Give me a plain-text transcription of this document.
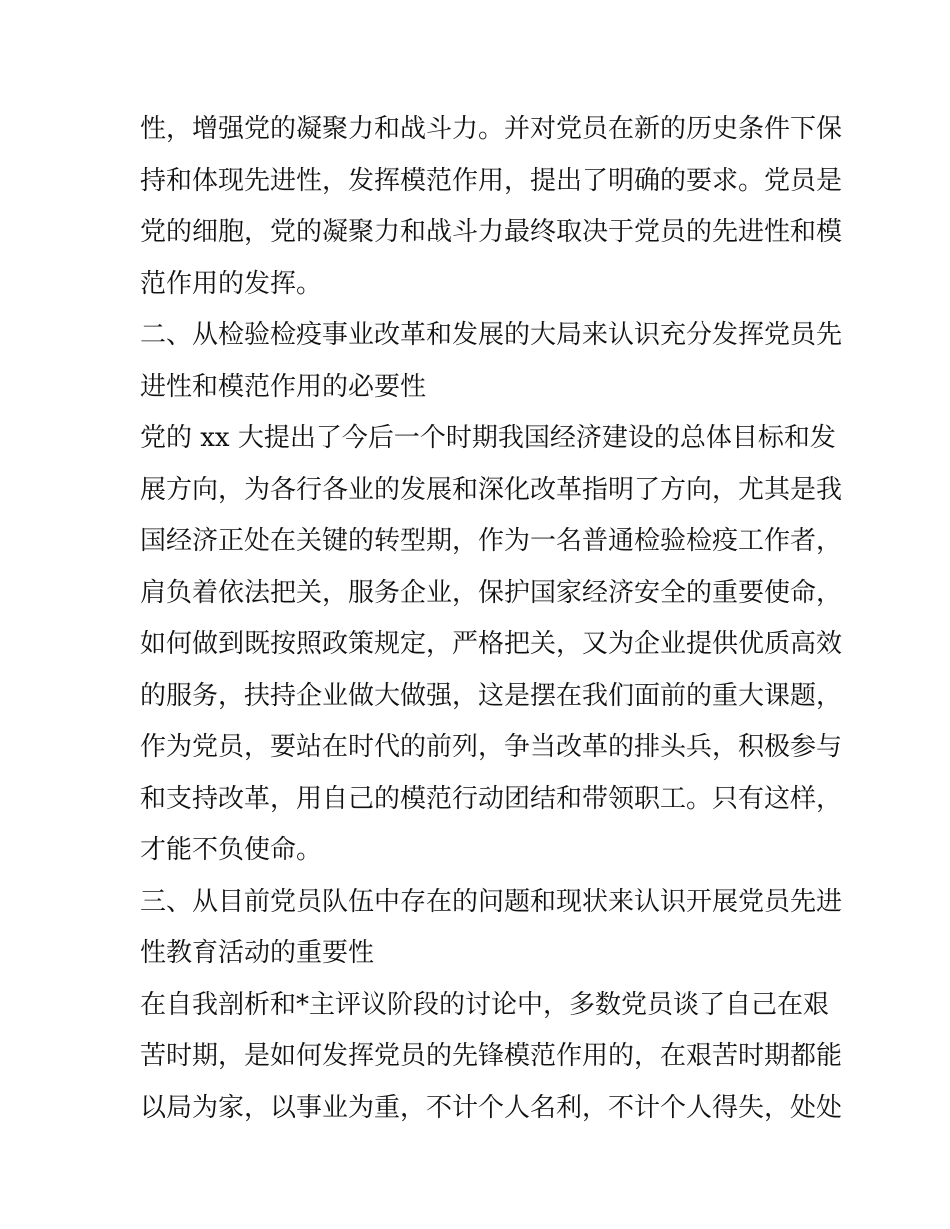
性，增强党的凝聚力和战斗力。并对党员在新的历史条件下保
持和体现先进性，发挥模范作用，提出了明确的要求。党员是
党的细胞，党的凝聚力和战斗力最终取决于党员的先进性和模
范作用的发挥。
二、从检验检疫事业改革和发展的大局来认识充分发挥党员先
进性和模范作用的必要性
党的 xx 大提出了今后一个时期我国经济建设的总体目标和发
展方向，为各行各业的发展和深化改革指明了方向，尤其是我
国经济正处在关键的转型期，作为一名普通检验检疫工作者，
肩负着依法把关，服务企业，保护国家经济安全的重要使命，
如何做到既按照政策规定，严格把关，又为企业提供优质高效
的服务，扶持企业做大做强，这是摆在我们面前的重大课题，
作为党员，要站在时代的前列，争当改革的排头兵，积极参与
和支持改革，用自己的模范行动团结和带领职工。只有这样，
才能不负使命。
三、从目前党员队伍中存在的问题和现状来认识开展党员先进
性教育活动的重要性
在自我剖析和*主评议阶段的讨论中，多数党员谈了自己在艰
苦时期，是如何发挥党员的先锋模范作用的，在艰苦时期都能
以局为家，以事业为重，不计个人名利，不计个人得失，处处
